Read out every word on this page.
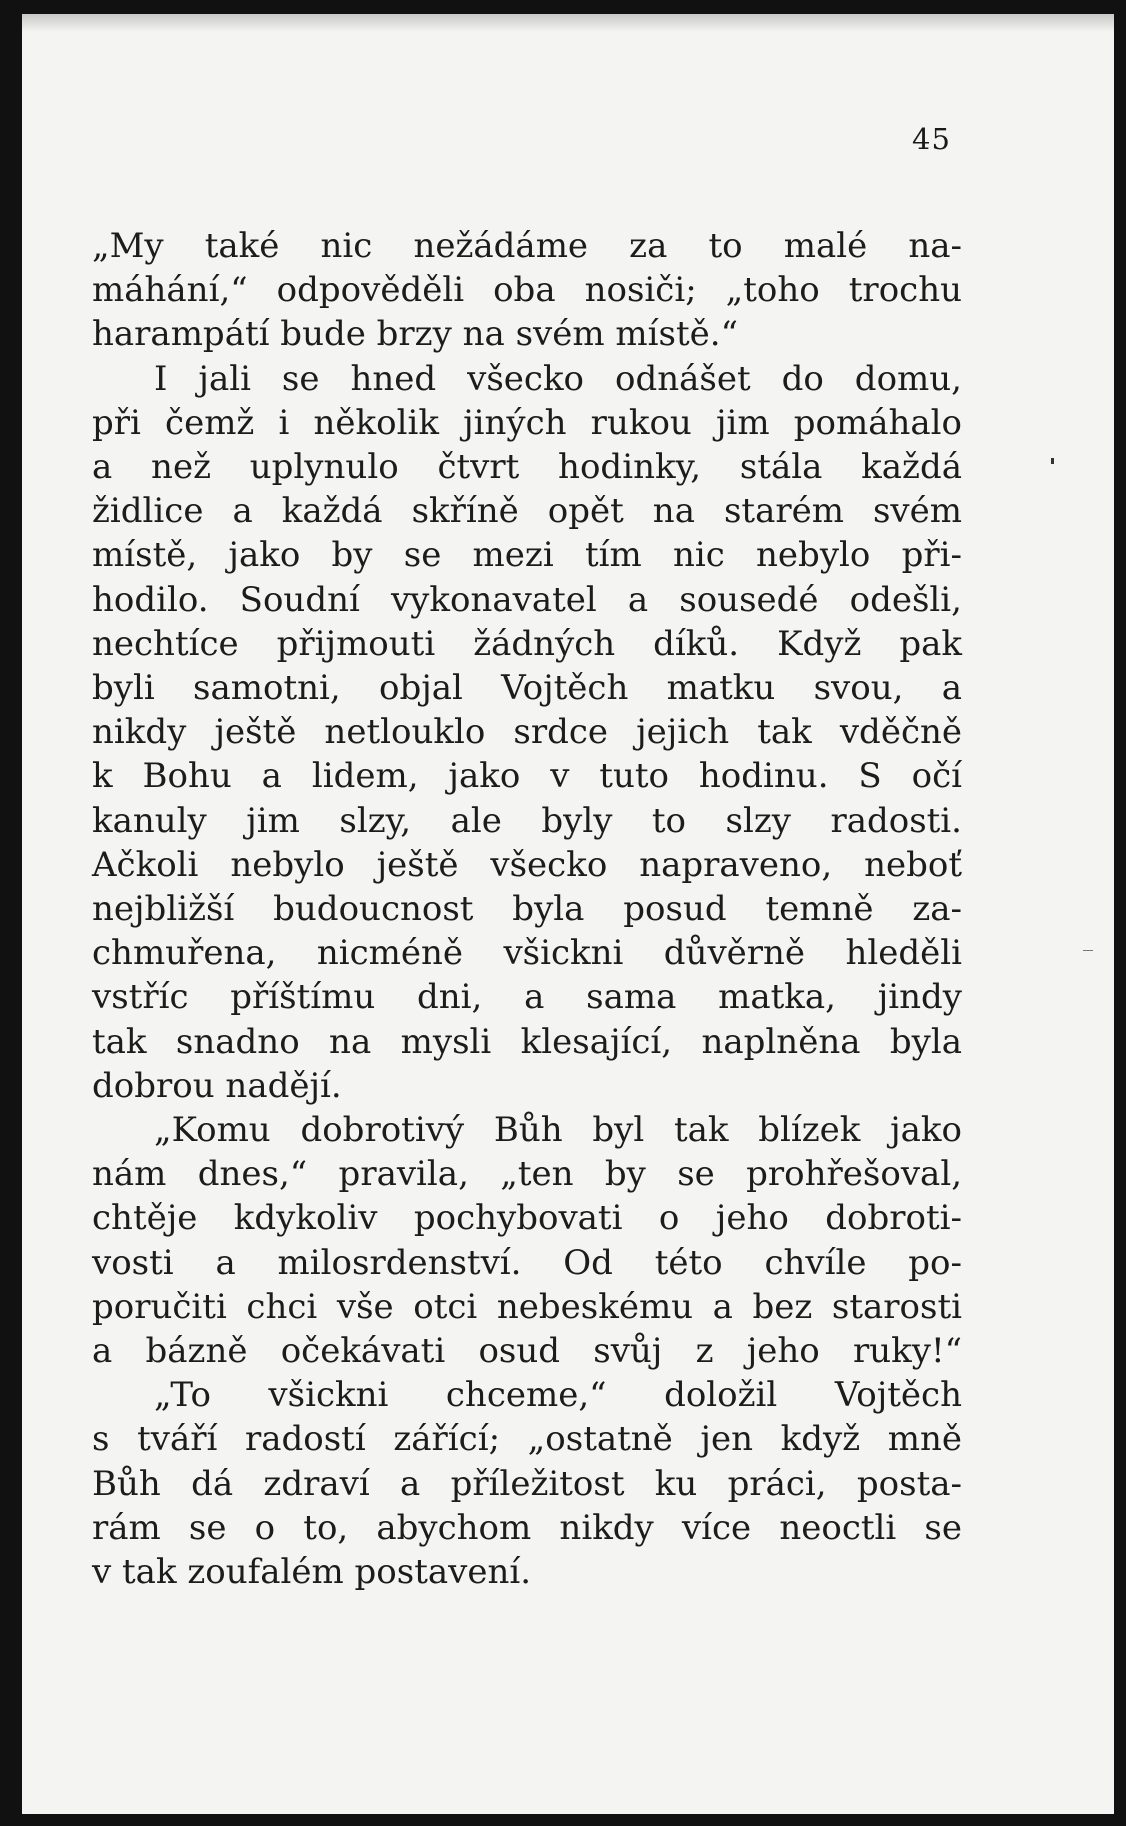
45
„My také nic nežádáme za to malé na-
máhání,“ odpověděli oba nosiči; „toho trochu
harampátí bude brzy na svém místě.“
I jali se hned všecko odnášet do domu,
při čemž i několik jiných rukou jim pomáhalo
a než uplynulo čtvrt hodinky, stála každá
židlice a každá skříně opět na starém svém
místě, jako by se mezi tím nic nebylo při-
hodilo. Soudní vykonavatel a sousedé odešli,
nechtíce přijmouti žádných díků. Když pak
byli samotni, objal Vojtěch matku svou, a
nikdy ještě netlouklo srdce jejich tak vděčně
k Bohu a lidem, jako v tuto hodinu. S očí
kanuly jim slzy, ale byly to slzy radosti.
Ačkoli nebylo ještě všecko napraveno, neboť
nejbližší budoucnost byla posud temně za-
chmuřena, nicméně všickni důvěrně hleděli
vstříc příštímu dni, a sama matka, jindy
tak snadno na mysli klesající, naplněna byla
dobrou nadějí.
„Komu dobrotivý Bůh byl tak blízek jako
nám dnes,“ pravila, „ten by se prohřešoval,
chtěje kdykoliv pochybovati o jeho dobroti-
vosti a milosrdenství. Od této chvíle po-
poručiti chci vše otci nebeskému a bez starosti
a bázně očekávati osud svůj z jeho ruky!“
„To všickni chceme,“ doložil Vojtěch
s tváří radostí zářící; „ostatně jen když mně
Bůh dá zdraví a příležitost ku práci, posta-
rám se o to, abychom nikdy více neoctli se
v tak zoufalém postavení.
